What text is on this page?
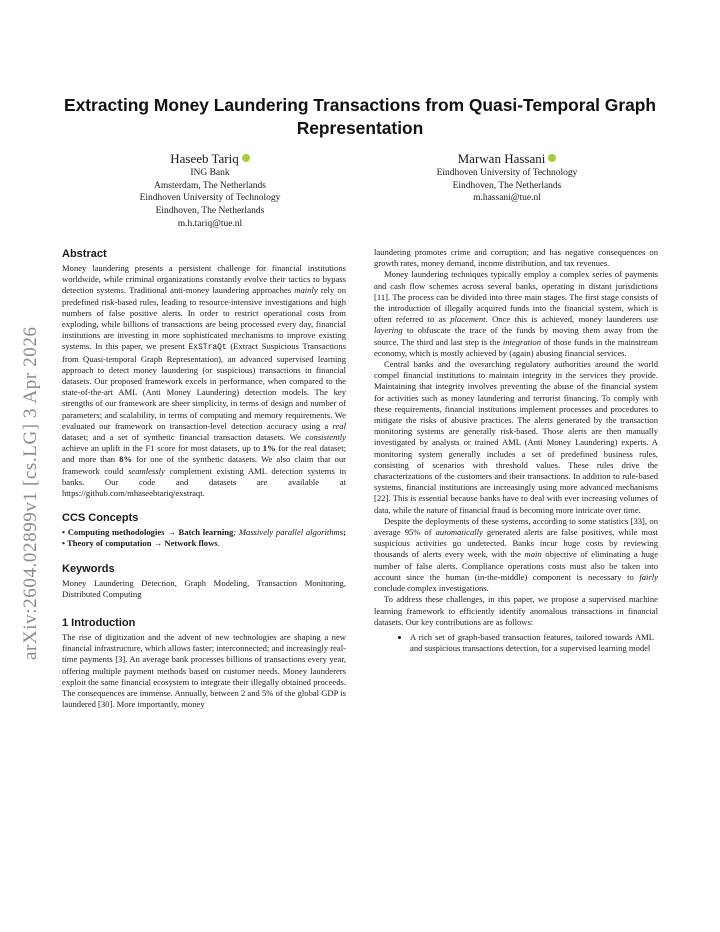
arXiv:2604.02899v1 [cs.LG] 3 Apr 2026
Extracting Money Laundering Transactions from Quasi-Temporal Graph Representation
Haseeb Tariq
ING Bank
Amsterdam, The Netherlands
Eindhoven University of Technology
Eindhoven, The Netherlands
m.h.tariq@tue.nl
Marwan Hassani
Eindhoven University of Technology
Eindhoven, The Netherlands
m.hassani@tue.nl
Abstract

Money laundering presents a persistent challenge for financial institutions worldwide, while criminal organizations constantly evolve their tactics to bypass detection systems. Traditional anti-money laundering approaches mainly rely on predefined risk-based rules, leading to resource-intensive investigations and high numbers of false positive alerts. In order to restrict operational costs from exploding, while billions of transactions are being processed every day, financial institutions are investing in more sophisticated mechanisms to improve existing systems. In this paper, we present ExSTraQt (Extract Suspicious Transactions from Quasi-temporal Graph Representation), an advanced supervised learning approach to detect money laundering (or suspicious) transactions in financial datasets. Our proposed framework excels in performance, when compared to the state-of-the-art AML (Anti Money Laundering) detection models. The key strengths of our framework are sheer simplicity, in terms of design and number of parameters; and scalability, in terms of computing and memory requirements. We evaluated our framework on transaction-level detection accuracy using a real dataset; and a set of synthetic financial transaction datasets. We consistently achieve an uplift in the F1 score for most datasets, up to 1% for the real dataset; and more than 8% for one of the synthetic datasets. We also claim that our framework could seamlessly complement existing AML detection systems in banks. Our code and datasets are available at https://github.com/mhaseebtariq/exstraqt.

CCS Concepts

• Computing methodologies → Batch learning; Massively parallel algorithms; • Theory of computation → Network flows.

Keywords

Money Laundering Detection, Graph Modeling, Transaction Monitoring, Distributed Computing

1 Introduction

The rise of digitization and the advent of new technologies are shaping a new financial infrastructure, which allows faster; interconnected; and increasingly real-time payments [3]. An average bank processes billions of transactions every year, offering multiple payment methods based on customer needs. Money launderers exploit the same financial ecosystem to integrate their illegally obtained proceeds. The consequences are immense. Annually, between 2 and 5% of the global GDP is laundered [30]. More importantly, money

laundering promotes crime and corruption; and has negative consequences on growth rates, money demand, income distribution, and tax revenues.

Money laundering techniques typically employ a complex series of payments and cash flow schemes across several banks, operating in distant jurisdictions [11]. The process can be divided into three main stages. The first stage consists of the introduction of illegally acquired funds into the financial system, which is often referred to as placement. Once this is achieved, money launderers use layering to obfuscate the trace of the funds by moving them away from the source. The third and last step is the integration of those funds in the mainstream economy, which is mostly achieved by (again) abusing financial services.

Central banks and the overarching regulatory authorities around the world compel financial institutions to maintain integrity in the services they provide. Maintaining that integrity involves preventing the abuse of the financial system for activities such as money laundering and terrorist financing. To comply with these requirements, financial institutions implement processes and procedures to mitigate the risks of abusive practices. The alerts generated by the transaction monitoring systems are generally risk-based. Those alerts are then manually investigated by analysts or trained AML (Anti Money Laundering) experts. A monitoring system generally includes a set of predefined business rules, consisting of scenarios with threshold values. These rules drive the characterizations of the customers and their transactions. In addition to rule-based systems, financial institutions are increasingly using more advanced mechanisms [22]. This is essential because banks have to deal with ever increasing volumes of data, while the nature of financial fraud is becoming more intricate over time.

Despite the deployments of these systems, according to some statistics [33], on average 95% of automatically generated alerts are false positives, while most suspicious activities go undetected. Banks incur huge costs by reviewing thousands of alerts every week, with the main objective of eliminating a huge number of false alerts. Compliance operations costs must also be taken into account since the human (in-the-middle) component is necessary to fairly conclude complex investigations.

To address these challenges, in this paper, we propose a supervised machine learning framework to efficiently identify anomalous transactions in financial datasets. Our key contributions are as follows:

• A rich set of graph-based transaction features, tailored towards AML and suspicious transactions detection, for a supervised learning model
